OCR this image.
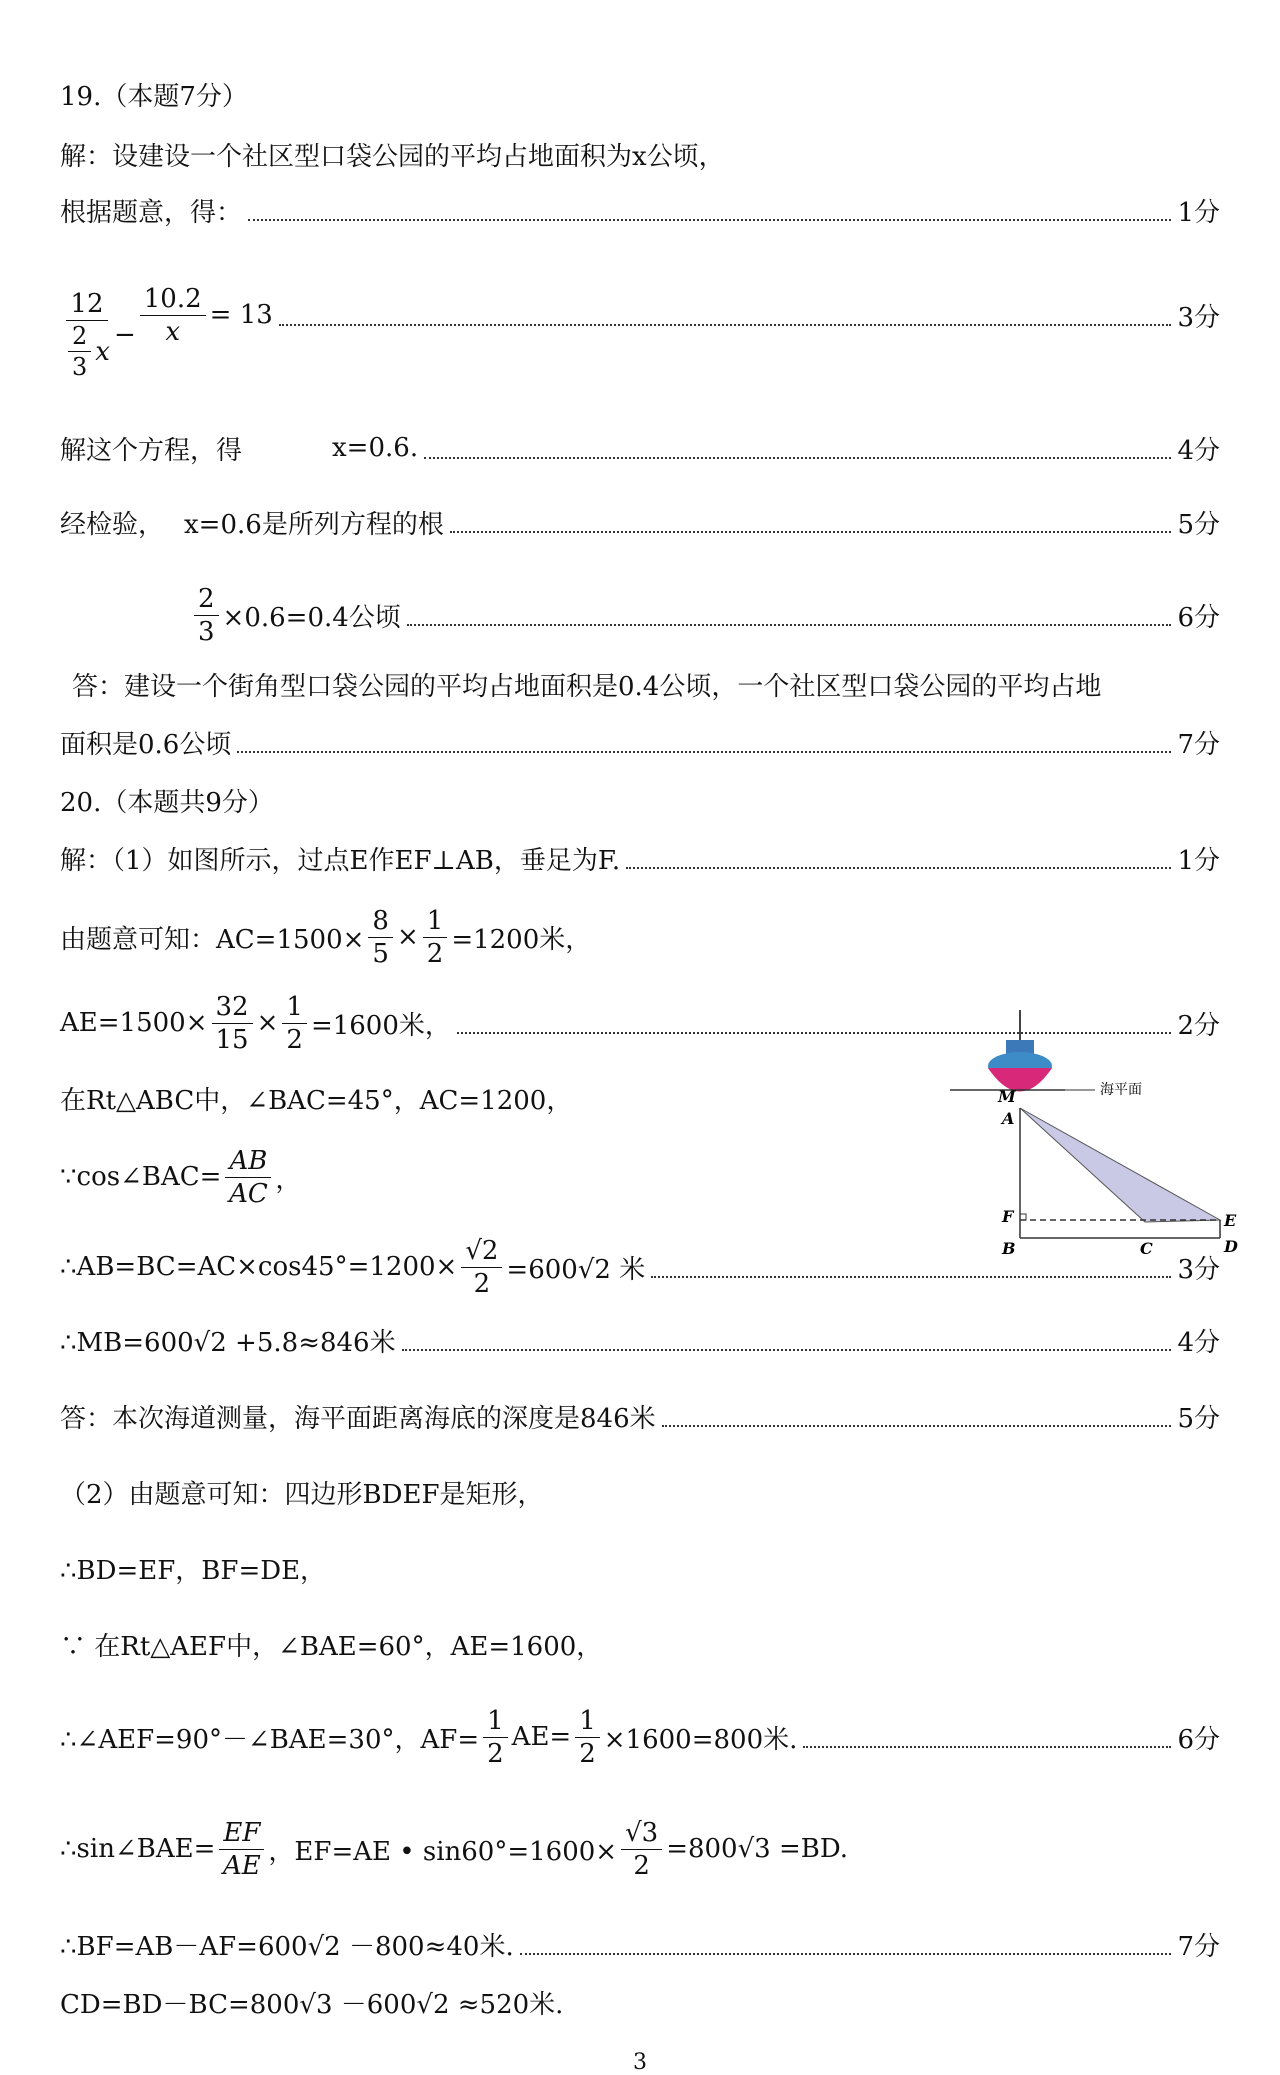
19.（本题7分）
解：设建设一个社区型口袋公园的平均占地面积为x公顷，
根据题意，得：	1分
$\frac{12}{\frac{2}{3} x} - \frac{10.2}{x} = 13$	3分
解这个方程，得	x=0.6.	4分
经检验， x=0.6是所列方程的根	5分
$\frac{2}{3} \times 0.6=0.4$公顷	6分
答：建设一个街角型口袋公园的平均占地面积是0.4公顷，一个社区型口袋公园的平均占地
面积是0.6公顷	7分
20.（本题共9分）
解：（1）如图所示，过点E作EF⊥AB，垂足为F.	1分
由题意可知：$AC=1500\times \frac{8}{5} \times \frac{1}{2} =1200$米，
$AE=1500\times \frac{32}{15} \times \frac{1}{2} =1600$米，	2分
在Rt△ABC中，∠BAC=45°，AC=1200，
∵cos∠BAC= $\frac{AB}{AC}$ ，
∴AB=BC=AC×cos45°=1200× $\frac{√2}{2} =600√2$ 米	3分
∴MB=600√2 +5.8≈846米	4分
答：本次海道测量，海平面距离海底的深度是846米	5分
（2）由题意可知：四边形BDEF是矩形，
∴BD=EF，BF=DE，
∵ 在Rt△AEF中，∠BAE=60°，AE=1600，
∴∠AEF=90°－∠BAE=30°，$AF= \frac{1}{2} AE= \frac{1}{2} \times 1600=800$米.	6分
∴sin∠BAE= $\frac{EF}{AE}$ ，EF=AE • $\sin 60^\circ=1600\times \frac{√3}{2} =800√3 =BD$.
∴BF=AB－AF=600√2 －800≈40米.	7分
CD=BD－BC=800√3 －600√2 ≈520米.
海平面
M
A
F
B	C	D
E
3
